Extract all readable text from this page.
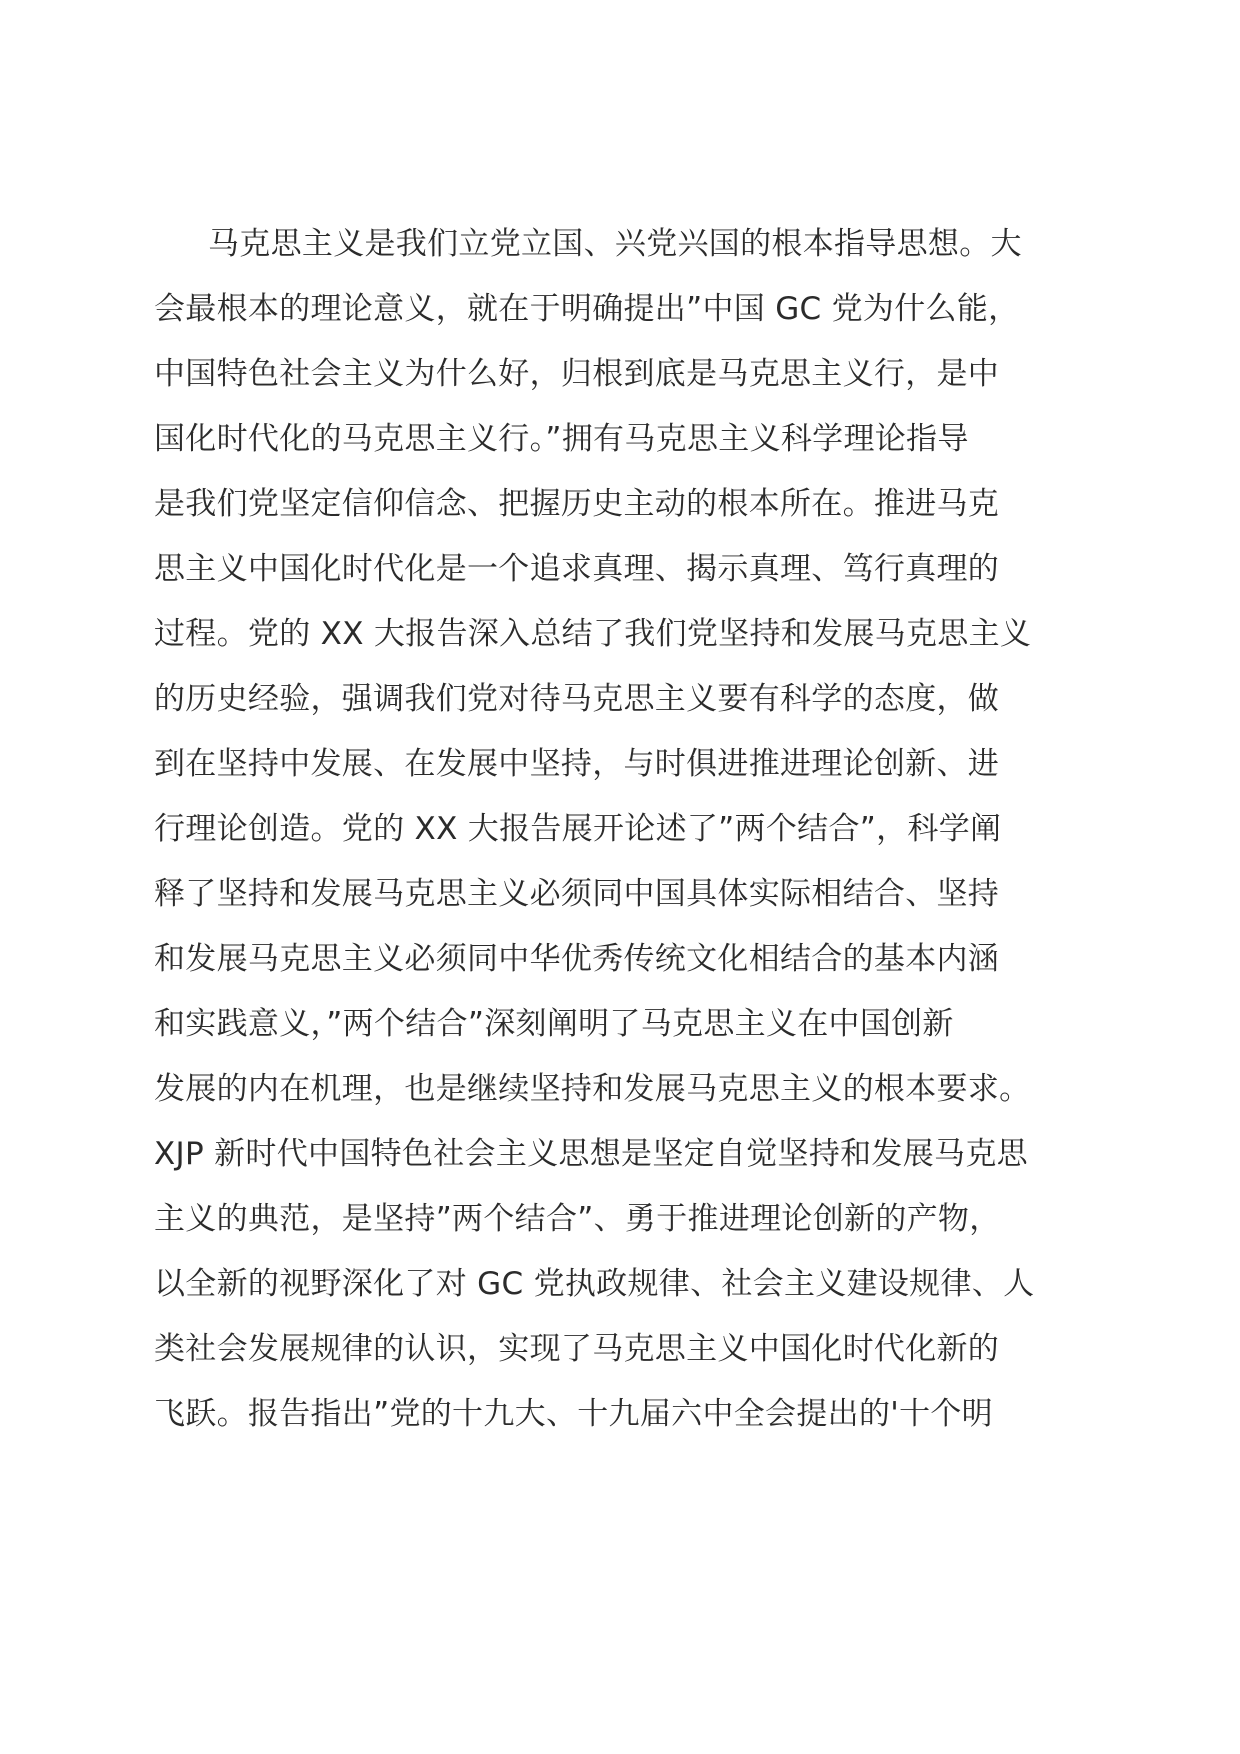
马克思主义是我们立党立国、兴党兴国的根本指导思想。大
会最根本的理论意义，就在于明确提出”中国 GC 党为什么能，
中国特色社会主义为什么好，归根到底是马克思主义行，是中
国化时代化的马克思主义行。”拥有马克思主义科学理论指导
是我们党坚定信仰信念、把握历史主动的根本所在。推进马克
思主义中国化时代化是一个追求真理、揭示真理、笃行真理的
过程。党的 XX 大报告深入总结了我们党坚持和发展马克思主义
的历史经验，强调我们党对待马克思主义要有科学的态度，做
到在坚持中发展、在发展中坚持，与时俱进推进理论创新、进
行理论创造。党的 XX 大报告展开论述了”两个结合”，科学阐
释了坚持和发展马克思主义必须同中国具体实际相结合、坚持
和发展马克思主义必须同中华优秀传统文化相结合的基本内涵
和实践意义，”两个结合”深刻阐明了马克思主义在中国创新
发展的内在机理，也是继续坚持和发展马克思主义的根本要求。
XJP 新时代中国特色社会主义思想是坚定自觉坚持和发展马克思
主义的典范，是坚持”两个结合”、勇于推进理论创新的产物，
以全新的视野深化了对 GC 党执政规律、社会主义建设规律、人
类社会发展规律的认识，实现了马克思主义中国化时代化新的
飞跃。报告指出”党的十九大、十九届六中全会提出的'十个明
